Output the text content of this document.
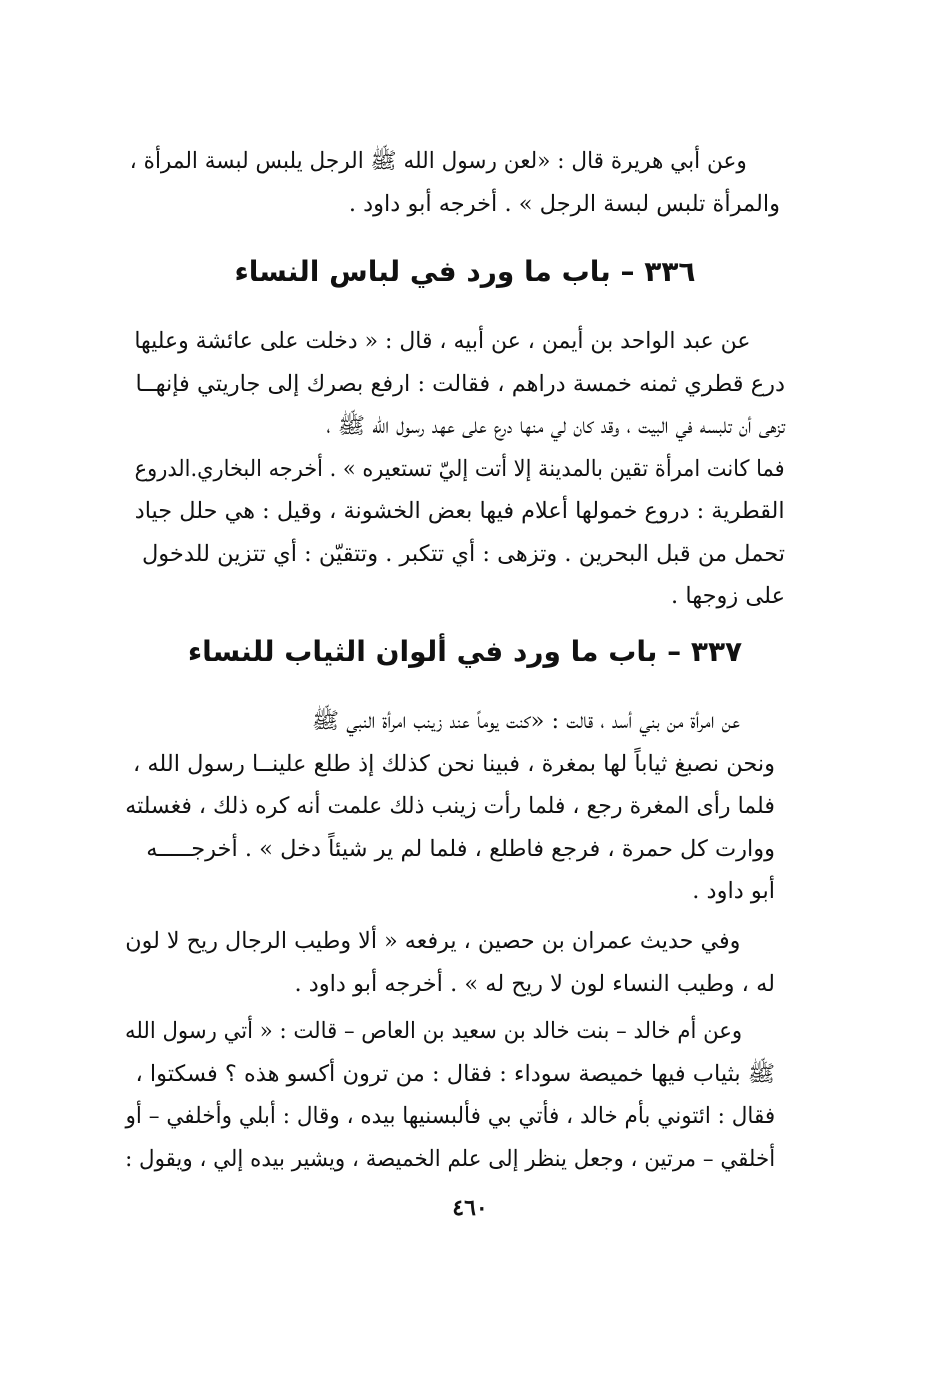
وعن أبي هريرة قال : «لعن رسول الله ﷺ الرجل يلبس لبسة المرأة ،
والمرأة تلبس لبسة الرجل » . أخرجه أبو داود .
٣٣٦ – باب ما ورد في لباس النساء
عن عبد الواحد بن أيمن ، عن أبيه ، قال : « دخلت على عائشة وعليها
درع قطري ثمنه خمسة دراهم ، فقالت : ارفع بصرك إلى جاريتي فإنهــا
تزهى أن تلبسه في البيت ، وقد كان لي منها درع على عهد رسول الله ﷺ ،
فما كانت امرأة تقين بالمدينة إلا أتت إليّ تستعيره » . أخرجه البخاري.الدروع
القطرية : دروع خمولها أعلام فيها بعض الخشونة ، وقيل : هي حلل جياد
تحمل من قبل البحرين . وتزهى : أي تتكبر . وتتقيّن : أي تتزين للدخول
على زوجها .
٣٣٧ – باب ما ورد في ألوان الثياب للنساء
عن امرأة من بني أسد ، قالت : «كنت يوماً عند زينب امرأة النبي ﷺ
ونحن نصبغ ثياباً لها بمغرة ، فبينا نحن كذلك إذ طلع علينــا رسول الله ،
فلما رأى المغرة رجع ، فلما رأت زينب ذلك علمت أنه كره ذلك ، فغسلته
ووارت كل حمرة ، فرجع فاطلع ، فلما لم ير شيئاً دخل » . أخرجـــــه
أبو داود .
وفي حديث عمران بن حصين ، يرفعه « ألا وطيب الرجال ريح لا لون
له ، وطيب النساء لون لا ريح له » . أخرجه أبو داود .
وعن أم خالد – بنت خالد بن سعيد بن العاص – قالت : « أتي رسول الله
ﷺ بثياب فيها خميصة سوداء : فقال : من ترون أكسو هذه ؟ فسكتوا ،
فقال : ائتوني بأم خالد ، فأتي بي فألبسنيها بيده ، وقال : أبلي وأخلفي – أو
أخلقي – مرتين ، وجعل ينظر إلى علم الخميصة ، ويشير بيده إلي ، ويقول :
٤٦٠
